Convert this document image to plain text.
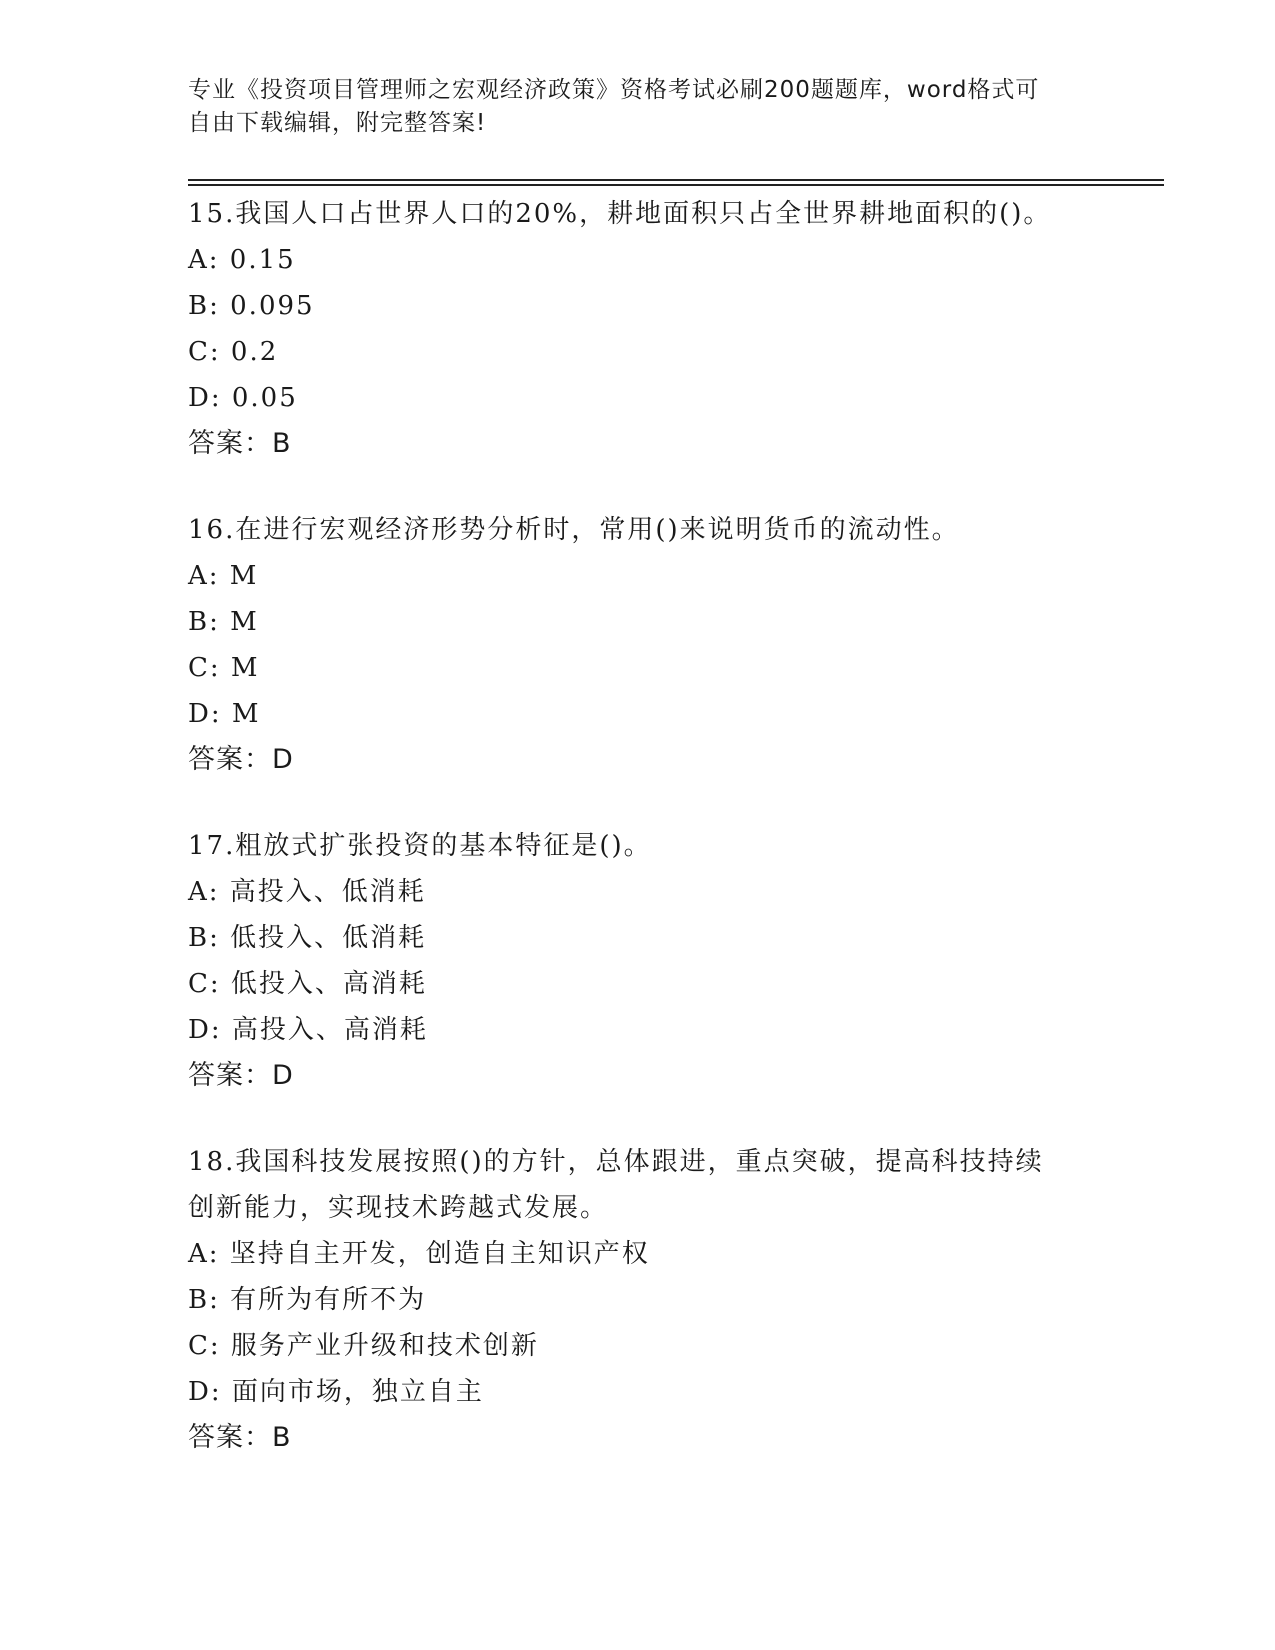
专业《投资项目管理师之宏观经济政策》资格考试必刷200题题库，word格式可
自由下载编辑，附完整答案!
15.我国人口占世界人口的20%，耕地面积只占全世界耕地面积的()。
A: 0.15
B: 0.095
C: 0.2
D: 0.05
答案：B
16.在进行宏观经济形势分析时，常用()来说明货币的流动性。
A: M
B: M
C: M
D: M
答案：D
17.粗放式扩张投资的基本特征是()。
A: 高投入、低消耗
B: 低投入、低消耗
C: 低投入、高消耗
D: 高投入、高消耗
答案：D
18.我国科技发展按照()的方针，总体跟进，重点突破，提高科技持续
创新能力，实现技术跨越式发展。
A: 坚持自主开发，创造自主知识产权
B: 有所为有所不为
C: 服务产业升级和技术创新
D: 面向市场，独立自主
答案：B
